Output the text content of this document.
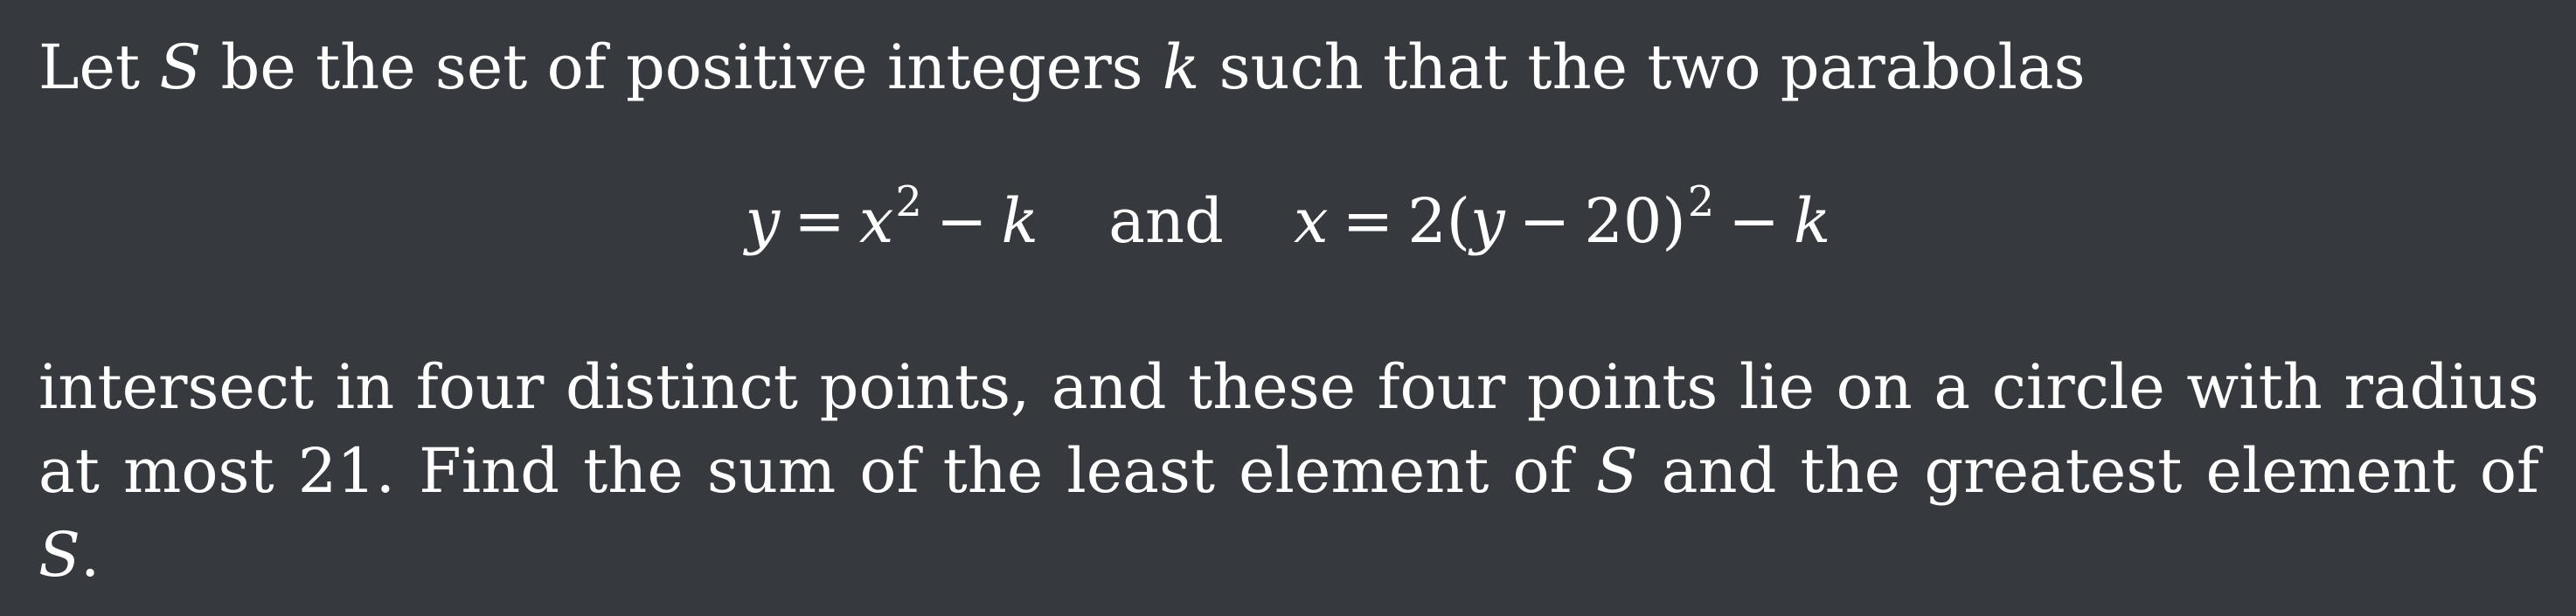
Let S be the set of positive integers k such that the two parabolas
$y = x^2 - k$ and $x = 2(y - 20)^2 - k$
intersect in four distinct points, and these four points lie on a circle with radius
at most 21. Find the sum of the least element of S and the greatest element of
S.
